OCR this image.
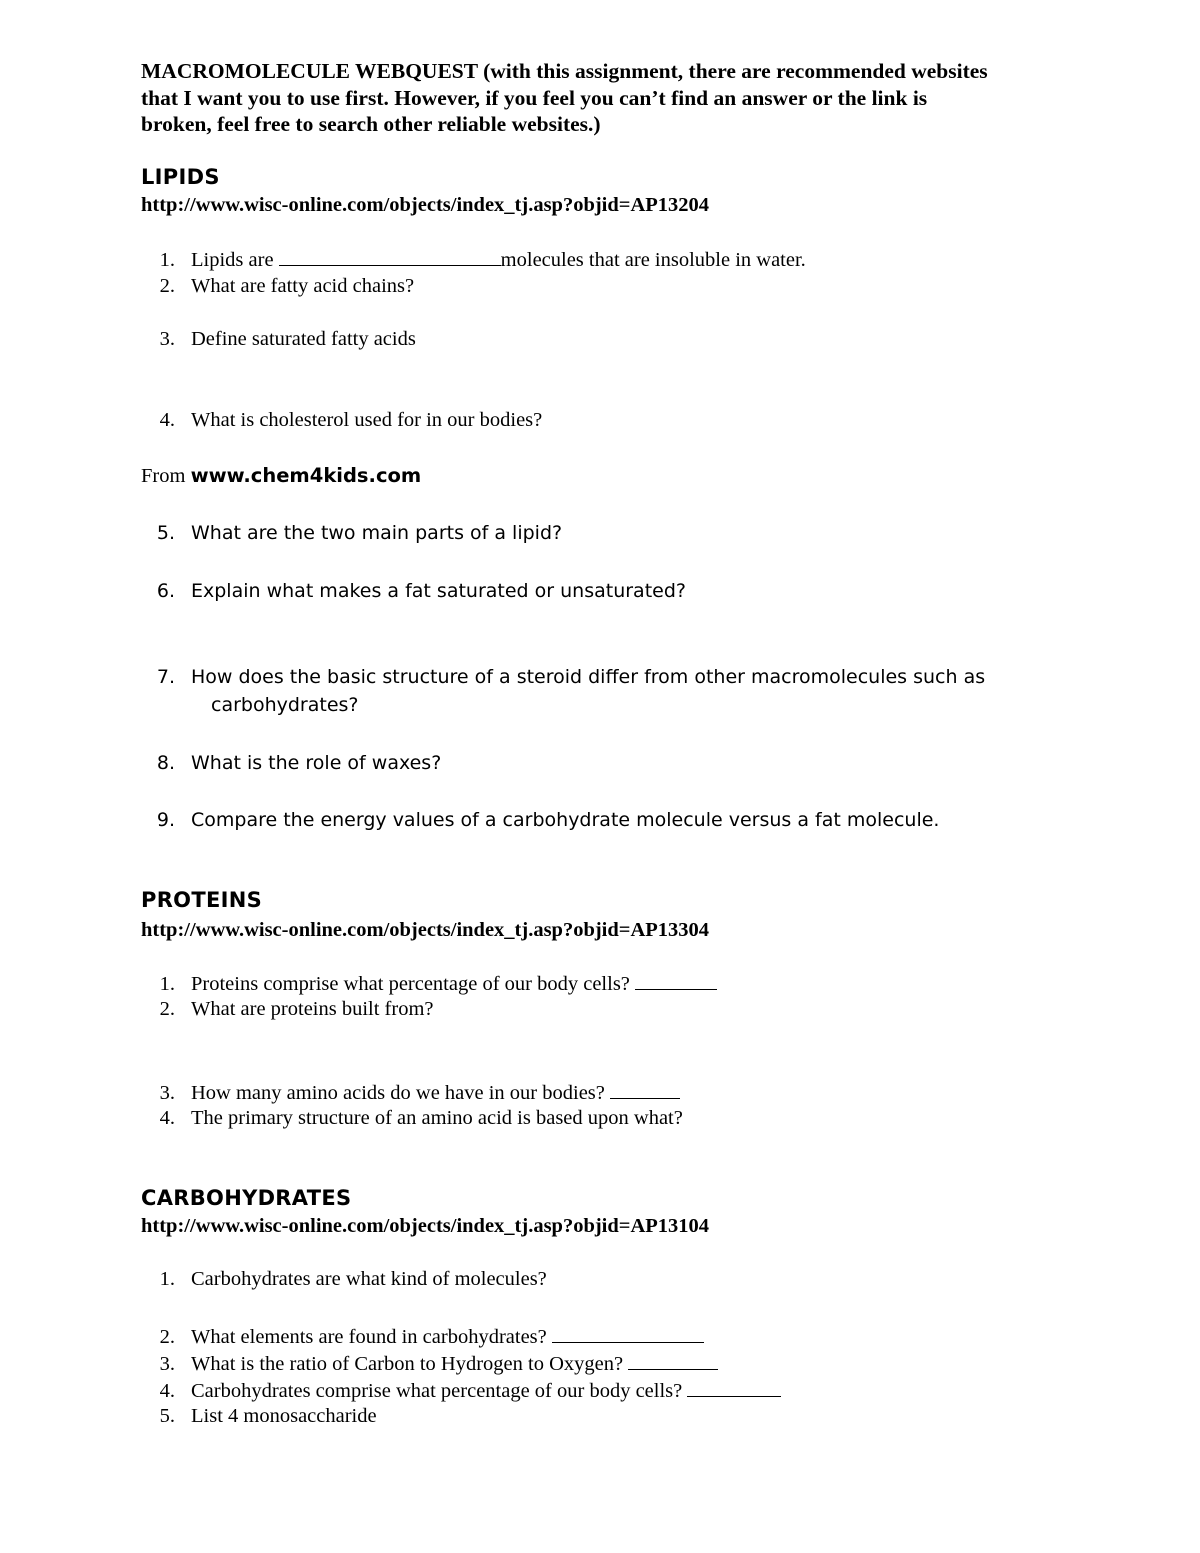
MACROMOLECULE WEBQUEST (with this assignment, there are recommended websites
that I want you to use first. However, if you feel you can’t find an answer or the link is
broken, feel free to search other reliable websites.)
LIPIDS
http://www.wisc-online.com/objects/index_tj.asp?objid=AP13204
1. Lipids are	molecules that are insoluble in water.
2. What are fatty acid chains?
3. Define saturated fatty acids
4. What is cholesterol used for in our bodies?
From www.chem4kids.com
5. What are the two main parts of a lipid?
6. Explain what makes a fat saturated or unsaturated?
7. How does the basic structure of a steroid differ from other macromolecules such as
carbohydrates?
8. What is the role of waxes?
9. Compare the energy values of a carbohydrate molecule versus a fat molecule.
PROTEINS
http://www.wisc-online.com/objects/index_tj.asp?objid=AP13304
1. Proteins comprise what percentage of our body cells?
2. What are proteins built from?
3. How many amino acids do we have in our bodies?
4. The primary structure of an amino acid is based upon what?
CARBOHYDRATES
http://www.wisc-online.com/objects/index_tj.asp?objid=AP13104
1. Carbohydrates are what kind of molecules?
2. What elements are found in carbohydrates?
3. What is the ratio of Carbon to Hydrogen to Oxygen?
4. Carbohydrates comprise what percentage of our body cells?
5. List 4 monosaccharide
